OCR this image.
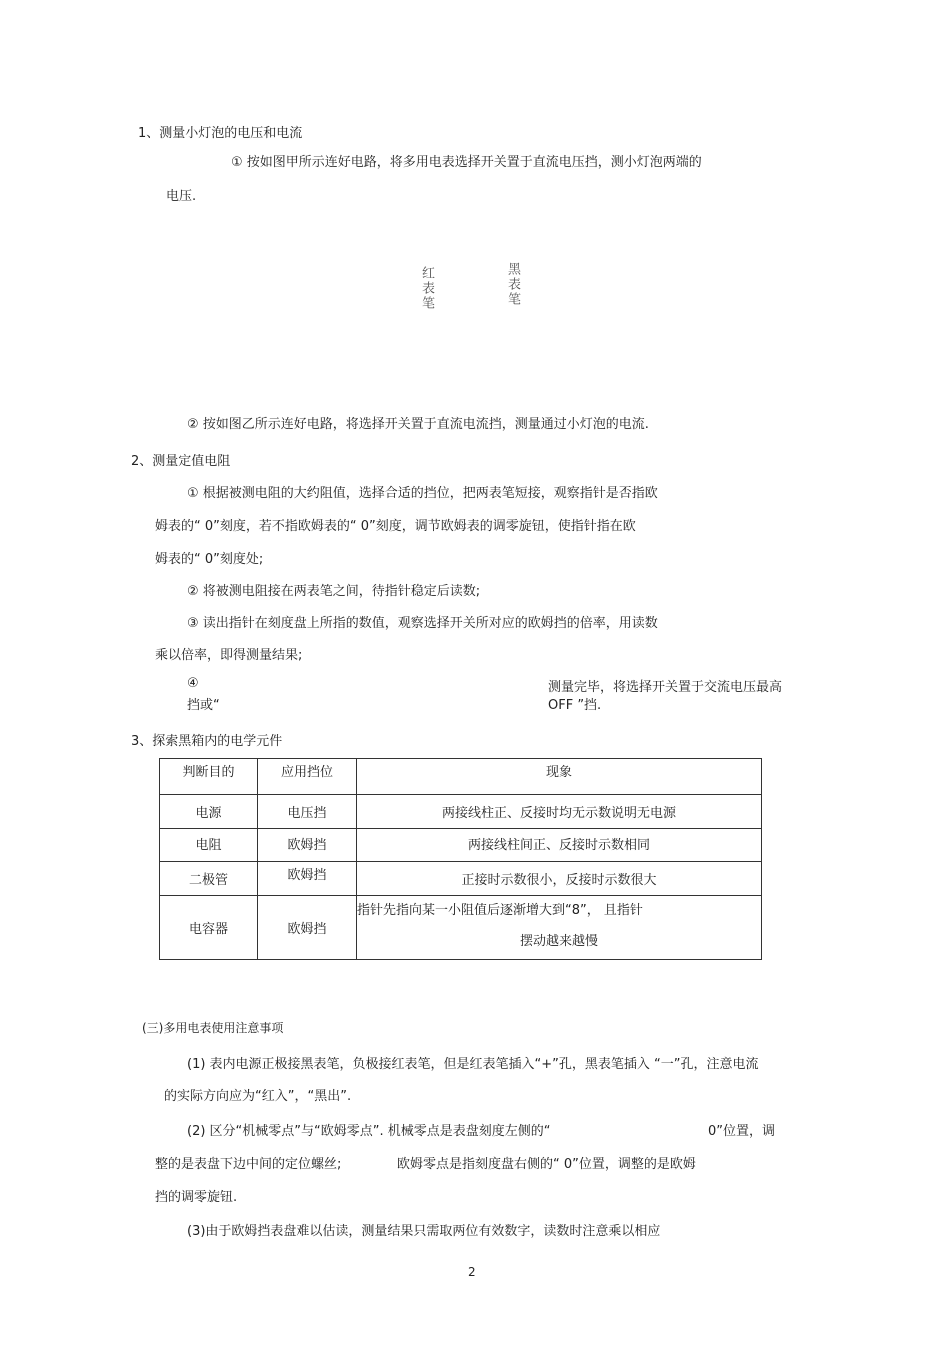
1、测量小灯泡的电压和电流
① 按如图甲所示连好电路，将多用电表选择开关置于直流电压挡，测小灯泡两端的
电压.
红表笔	黑表笔
② 按如图乙所示连好电路，将选择开关置于直流电流挡，测量通过小灯泡的电流.
2、测量定值电阻
① 根据被测电阻的大约阻值，选择合适的挡位，把两表笔短接，观察指针是否指欧
姆表的“ 0”刻度，若不指欧姆表的“ 0”刻度，调节欧姆表的调零旋钮，使指针指在欧
姆表的“ 0”刻度处;
② 将被测电阻接在两表笔之间，待指针稳定后读数;
③ 读出指针在刻度盘上所指的数值，观察选择开关所对应的欧姆挡的倍率，用读数
乘以倍率，即得测量结果;
④
挡或“
测量完毕，将选择开关置于交流电压最高
OFF ”挡.
3、探索黑箱内的电学元件
判断目的	应用挡位	现象
电源	电压挡	两接线柱正、反接时均无示数说明无电源
电阻	欧姆挡	两接线柱间正、反接时示数相同
二极管	欧姆挡	正接时示数很小，反接时示数很大
电容器	欧姆挡	指针先指向某一小阻值后逐渐增大到“8”， 且指针
摆动越来越慢
(三)多用电表使用注意事项
(1) 表内电源正极接黑表笔，负极接红表笔，但是红表笔插入“+”孔，黑表笔插入 “一”孔，注意电流
的实际方向应为“红入”，“黑出”.
(2) 区分“机械零点”与“欧姆零点”. 机械零点是表盘刻度左侧的“	0”位置，调
整的是表盘下边中间的定位螺丝;	欧姆零点是指刻度盘右侧的“ 0”位置，调整的是欧姆
挡的调零旋钮.
(3)由于欧姆挡表盘难以估读，测量结果只需取两位有效数字，读数时注意乘以相应
2
